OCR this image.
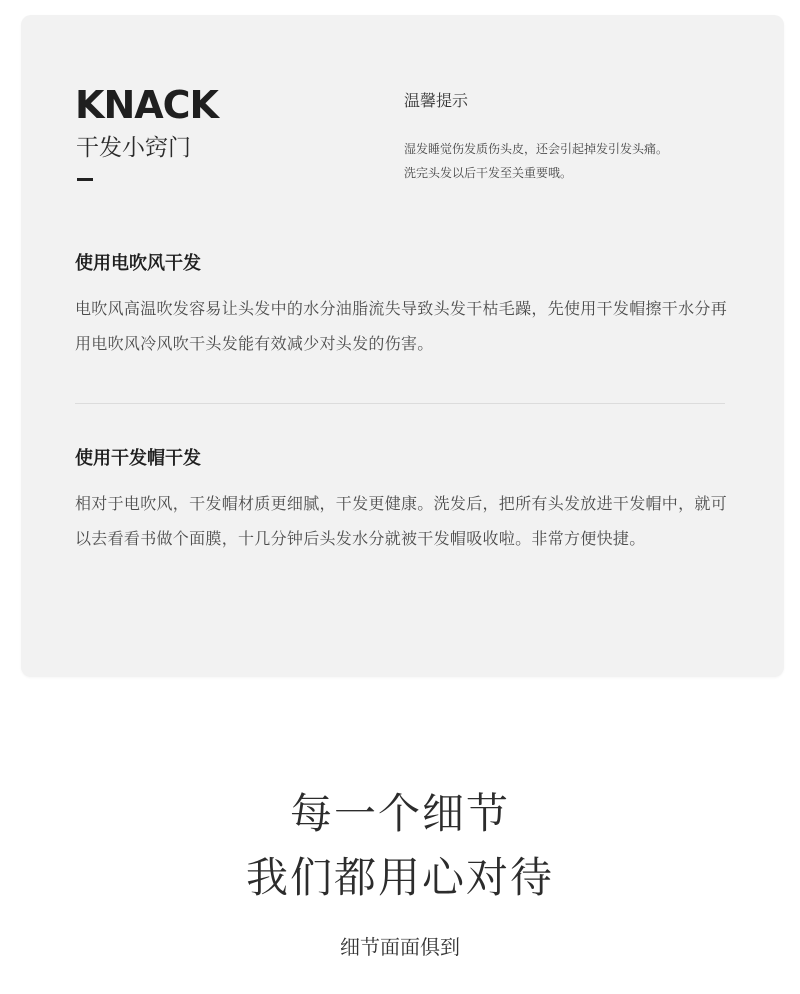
KNACK
干发小窍门
温馨提示
湿发睡觉伤发质伤头皮，还会引起掉发引发头痛。
洗完头发以后干发至关重要哦。
使用电吹风干发
电吹风高温吹发容易让头发中的水分油脂流失导致头发干枯毛躁，先使用干发帽擦干水分再用电吹风冷风吹干头发能有效减少对头发的伤害。
使用干发帽干发
相对于电吹风，干发帽材质更细腻，干发更健康。洗发后，把所有头发放进干发帽中，就可以去看看书做个面膜，十几分钟后头发水分就被干发帽吸收啦。非常方便快捷。
每一个细节
我们都用心对待
细节面面俱到
